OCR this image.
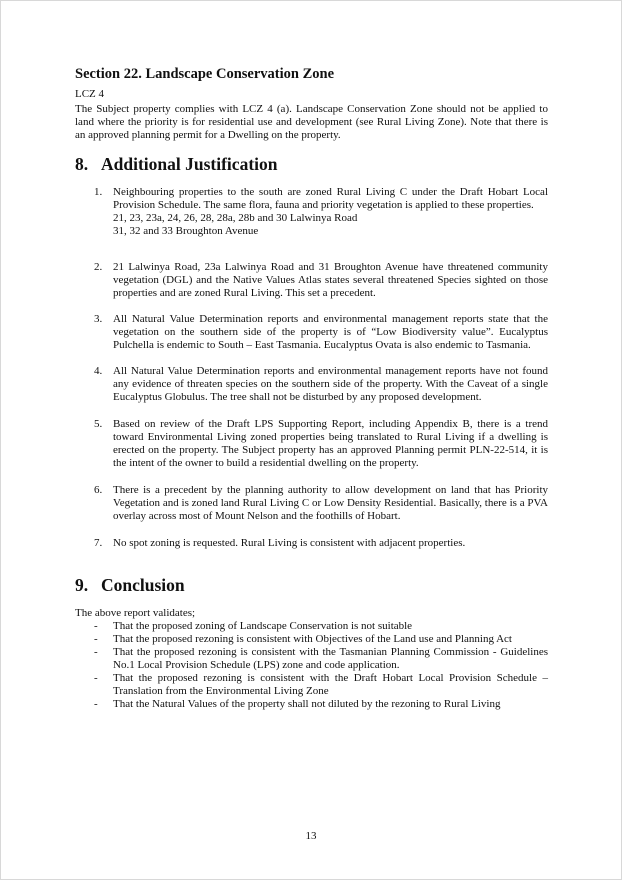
Section 22. Landscape Conservation Zone
LCZ 4
The Subject property complies with LCZ 4 (a). Landscape Conservation Zone should not be applied to land where the priority is for residential use and development (see Rural Living Zone). Note that there is an approved planning permit for a Dwelling on the property.
8. Additional Justification
1. Neighbouring properties to the south are zoned Rural Living C under the Draft Hobart Local Provision Schedule. The same flora, fauna and priority vegetation is applied to these properties.
21, 23, 23a, 24, 26, 28, 28a, 28b and 30 Lalwinya Road
31, 32 and 33 Broughton Avenue
2. 21 Lalwinya Road, 23a Lalwinya Road and 31 Broughton Avenue have threatened community vegetation (DGL) and the Native Values Atlas states several threatened Species sighted on those properties and are zoned Rural Living. This set a precedent.
3. All Natural Value Determination reports and environmental management reports state that the vegetation on the southern side of the property is of “Low Biodiversity value”. Eucalyptus Pulchella is endemic to South – East Tasmania. Eucalyptus Ovata is also endemic to Tasmania.
4. All Natural Value Determination reports and environmental management reports have not found any evidence of threaten species on the southern side of the property. With the Caveat of a single Eucalyptus Globulus. The tree shall not be disturbed by any proposed development.
5. Based on review of the Draft LPS Supporting Report, including Appendix B, there is a trend toward Environmental Living zoned properties being translated to Rural Living if a dwelling is erected on the property. The Subject property has an approved Planning permit PLN-22-514, it is the intent of the owner to build a residential dwelling on the property.
6. There is a precedent by the planning authority to allow development on land that has Priority Vegetation and is zoned land Rural Living C or Low Density Residential. Basically, there is a PVA overlay across most of Mount Nelson and the foothills of Hobart.
7. No spot zoning is requested. Rural Living is consistent with adjacent properties.
9. Conclusion
The above report validates;
- That the proposed zoning of Landscape Conservation is not suitable
- That the proposed rezoning is consistent with Objectives of the Land use and Planning Act
- That the proposed rezoning is consistent with the Tasmanian Planning Commission - Guidelines No.1 Local Provision Schedule (LPS) zone and code application.
- That the proposed rezoning is consistent with the Draft Hobart Local Provision Schedule – Translation from the Environmental Living Zone
- That the Natural Values of the property shall not diluted by the rezoning to Rural Living
13
